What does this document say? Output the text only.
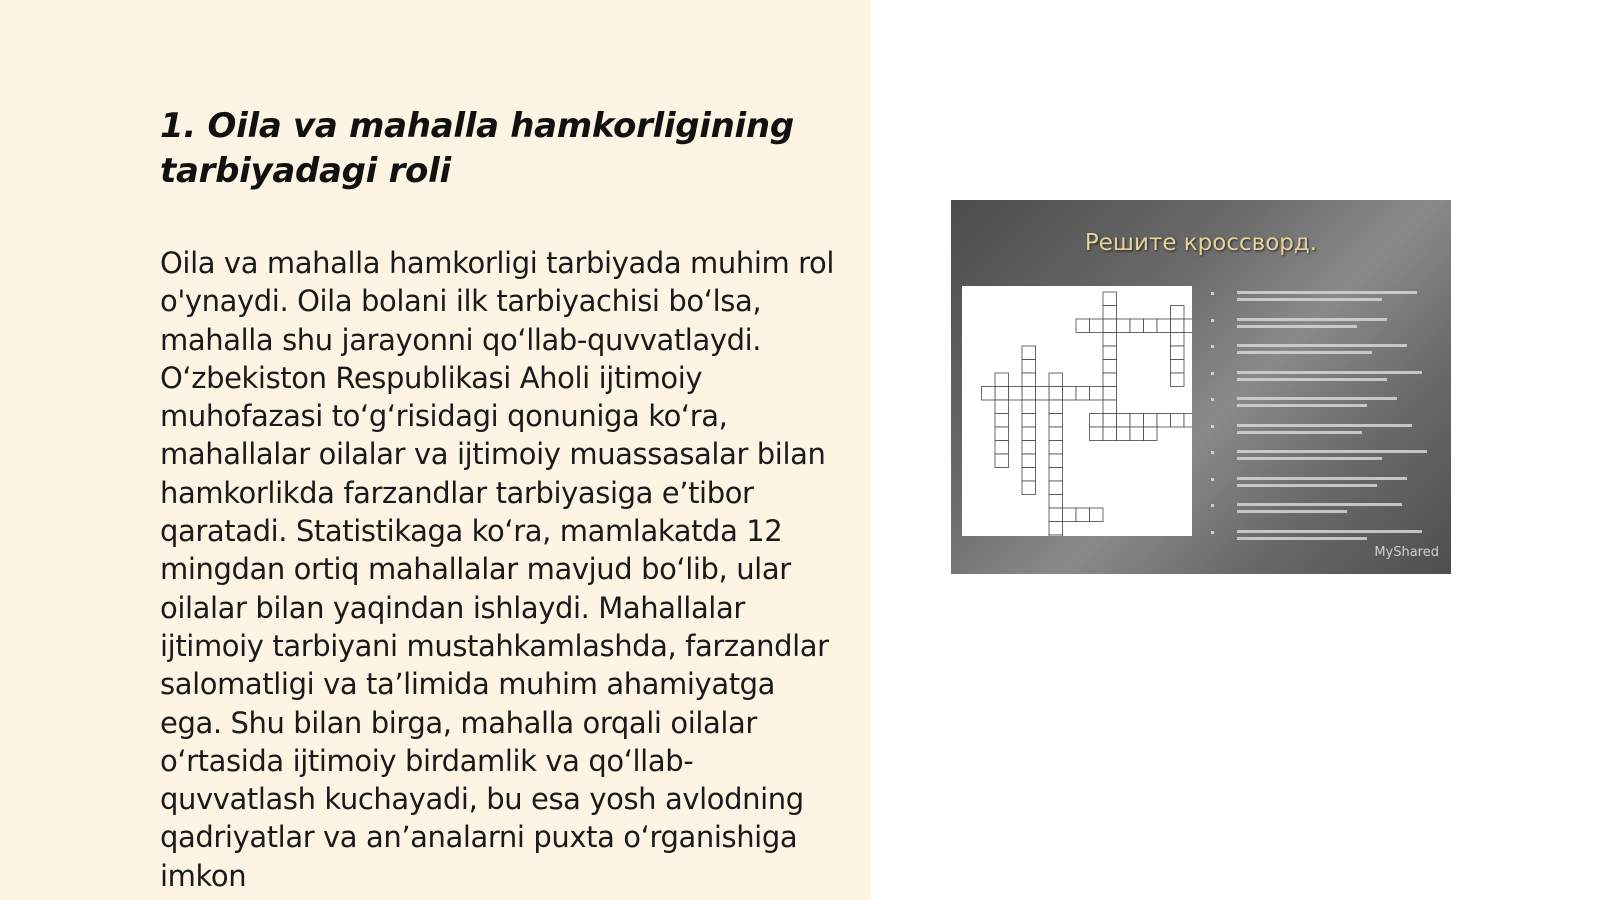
1. Oila va mahalla hamkorligining tarbiyadagi roli

Oila va mahalla hamkorligi tarbiyada muhim rol o'ynaydi. Oila bolani ilk tarbiyachisi bo‘lsa, mahalla shu jarayonni qo‘llab-quvvatlaydi. O‘zbekiston Respublikasi Aholi ijtimoiy muhofazasi to‘g‘risidagi qonuniga ko‘ra, mahallalar oilalar va ijtimoiy muassasalar bilan hamkorlikda farzandlar tarbiyasiga e’tibor qaratadi. Statistikaga ko‘ra, mamlakatda 12 mingdan ortiq mahallalar mavjud bo‘lib, ular oilalar bilan yaqindan ishlaydi. Mahallalar ijtimoiy tarbiyani mustahkamlashda, farzandlar salomatligi va ta’limida muhim ahamiyatga ega. Shu bilan birga, mahalla orqali oilalar o‘rtasida ijtimoiy birdamlik va qo‘llab-quvvatlash kuchayadi, bu esa yosh avlodning qadriyatlar va an’analarni puxta o‘rganishiga imkon

Решите кроссворд.
MyShared
